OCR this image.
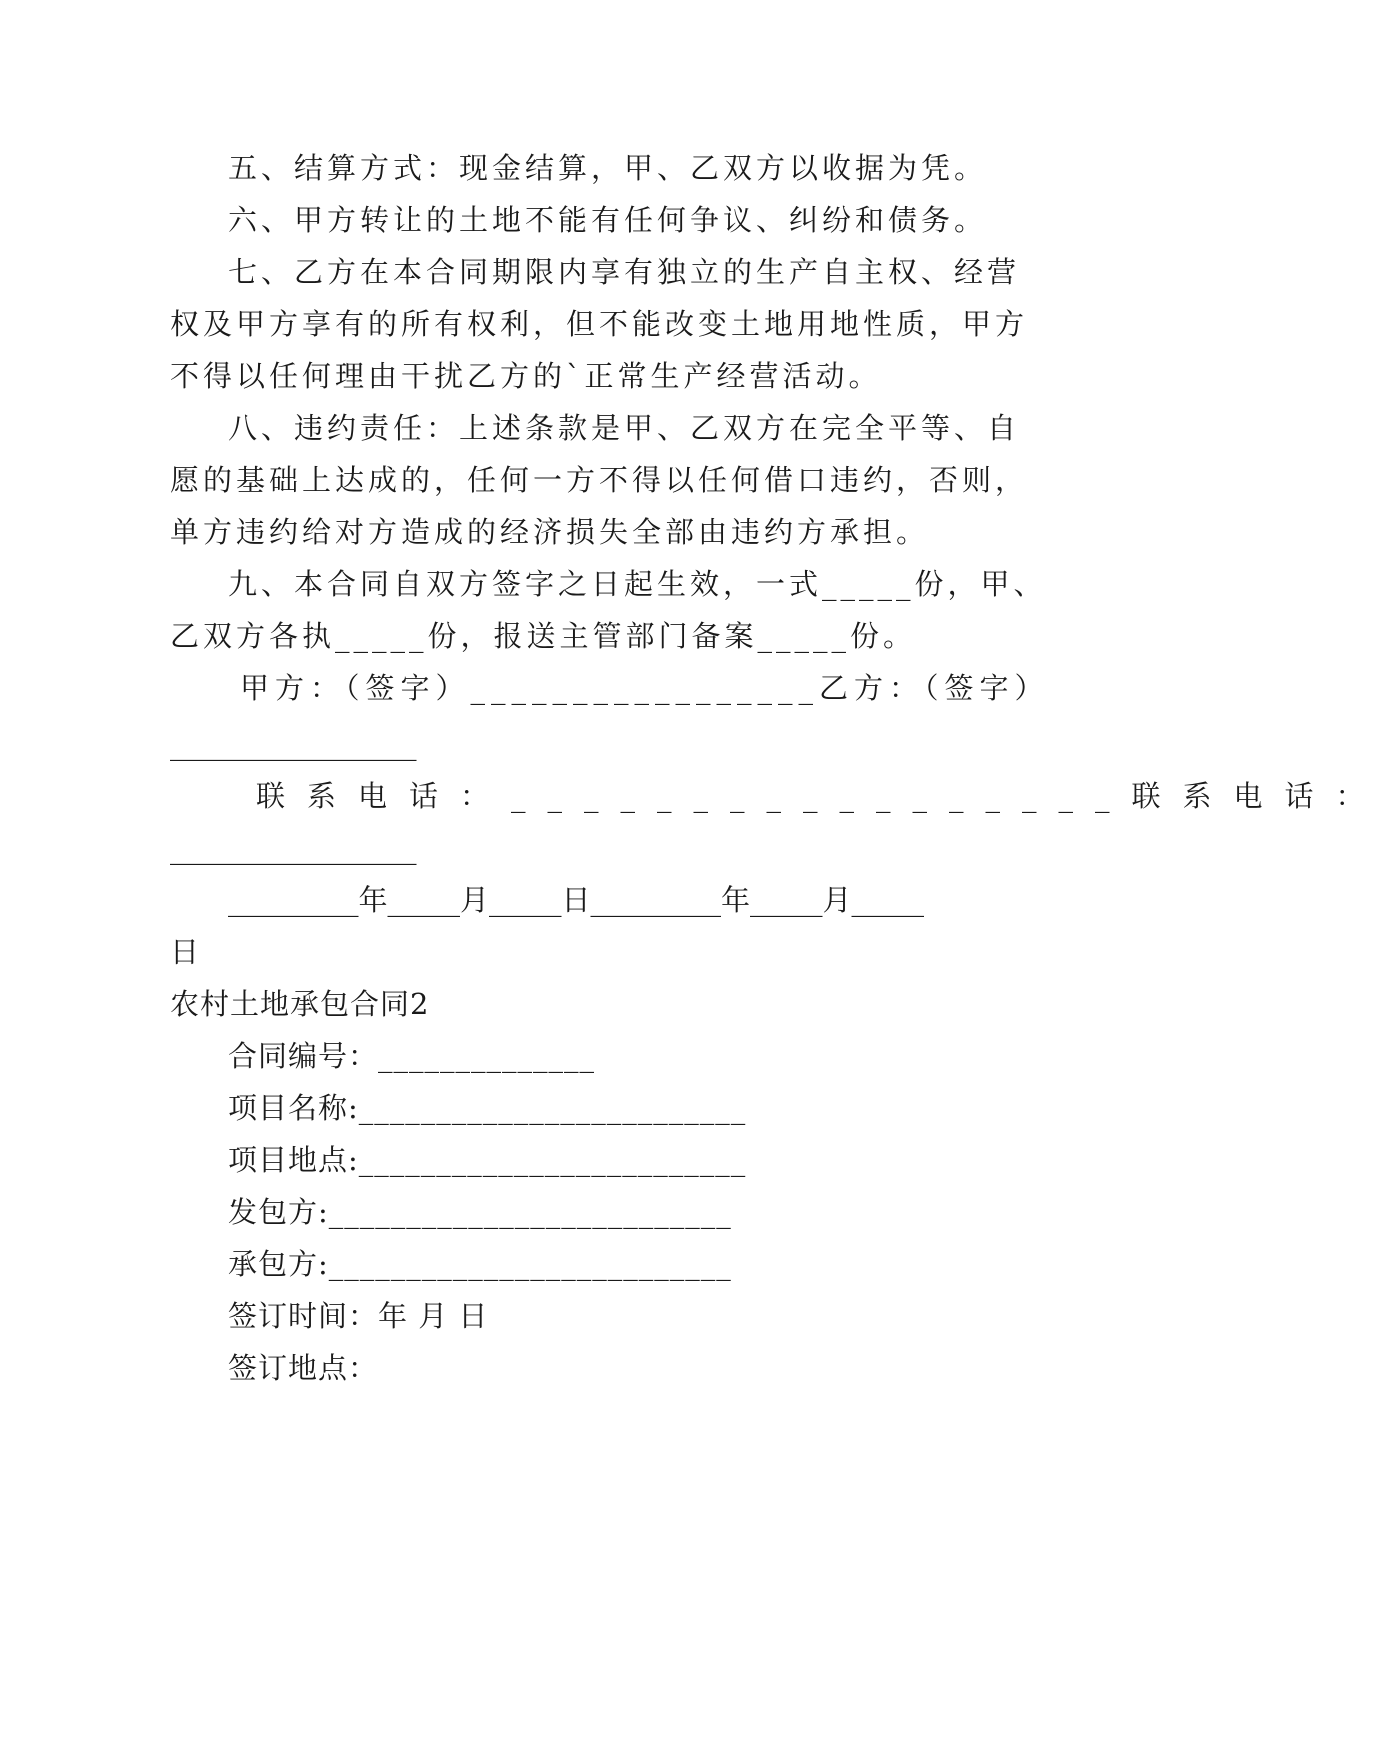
五、结算方式：现金结算，甲、乙双方以收据为凭。
六、甲方转让的土地不能有任何争议、纠纷和债务。
七、乙方在本合同期限内享有独立的生产自主权、经营
权及甲方享有的所有权利，但不能改变土地用地性质，甲方
不得以任何理由干扰乙方的`正常生产经营活动。
八、违约责任：上述条款是甲、乙双方在完全平等、自
愿的基础上达成的，任何一方不得以任何借口违约，否则，
单方违约给对方造成的经济损失全部由违约方承担。
九、本合同自双方签字之日起生效，一式_____份，甲、
乙双方各执_____份，报送主管部门备案_____份。
甲方：（签字）_________________乙方：（签字）
_________________
联系电话：_________________联系电话：
_________________
_________年_____月_____日_________年_____月_____
日
农村土地承包合同2
合同编号：______________
项目名称:_________________________
项目地点:_________________________
发包方:__________________________
承包方:__________________________
签订时间：年 月 日
签订地点：
